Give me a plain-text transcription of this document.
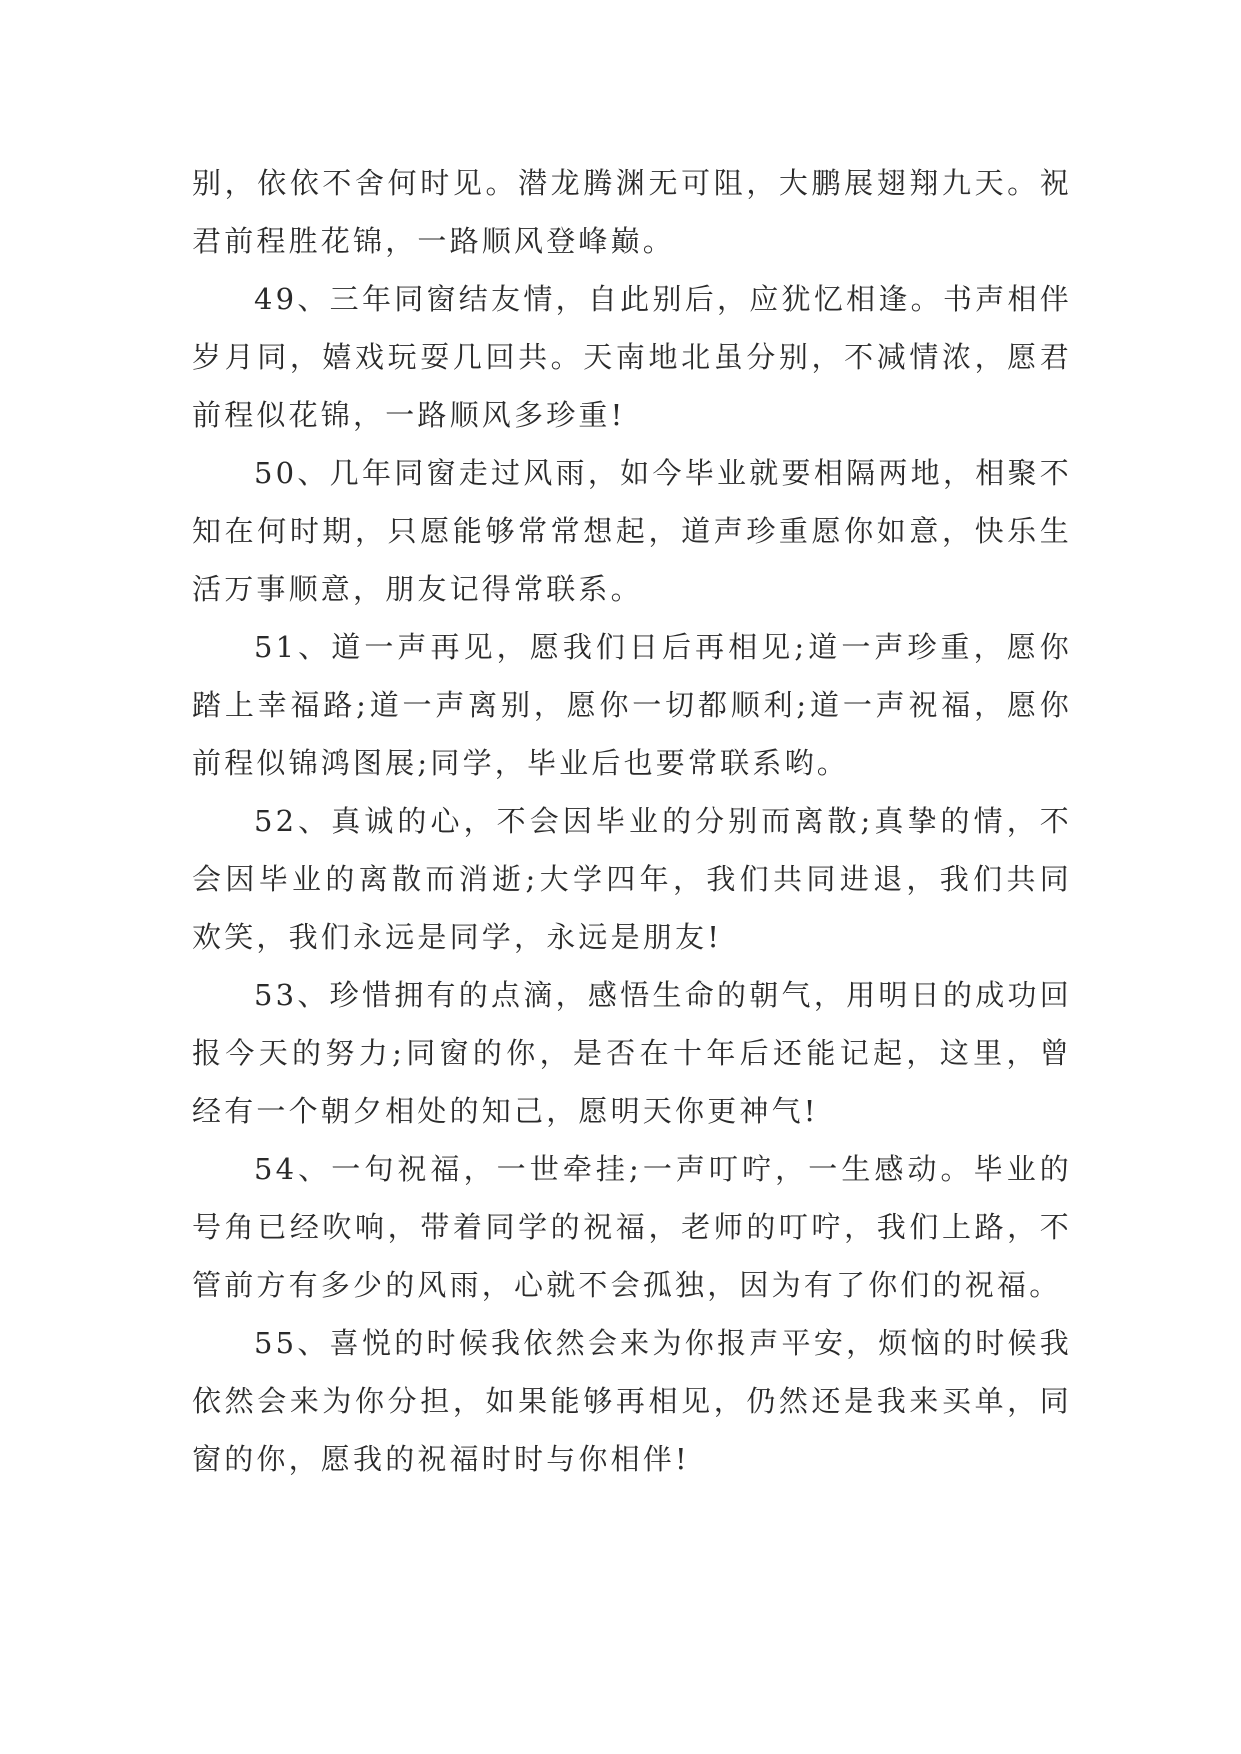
别，依依不舍何时见。潜龙腾渊无可阻，大鹏展翅翔九天。祝君前程胜花锦，一路顺风登峰巅。

49、三年同窗结友情，自此别后，应犹忆相逢。书声相伴岁月同，嬉戏玩耍几回共。天南地北虽分别，不减情浓，愿君前程似花锦，一路顺风多珍重!

50、几年同窗走过风雨，如今毕业就要相隔两地，相聚不知在何时期，只愿能够常常想起，道声珍重愿你如意，快乐生活万事顺意，朋友记得常联系。

51、道一声再见，愿我们日后再相见;道一声珍重，愿你踏上幸福路;道一声离别，愿你一切都顺利;道一声祝福，愿你前程似锦鸿图展;同学，毕业后也要常联系哟。

52、真诚的心，不会因毕业的分别而离散;真挚的情，不会因毕业的离散而消逝;大学四年，我们共同进退，我们共同欢笑，我们永远是同学，永远是朋友!

53、珍惜拥有的点滴，感悟生命的朝气，用明日的成功回报今天的努力;同窗的你，是否在十年后还能记起，这里，曾经有一个朝夕相处的知己，愿明天你更神气!

54、一句祝福，一世牵挂;一声叮咛，一生感动。毕业的号角已经吹响，带着同学的祝福，老师的叮咛，我们上路，不管前方有多少的风雨，心就不会孤独，因为有了你们的祝福。

55、喜悦的时候我依然会来为你报声平安，烦恼的时候我依然会来为你分担，如果能够再相见，仍然还是我来买单，同窗的你，愿我的祝福时时与你相伴!
